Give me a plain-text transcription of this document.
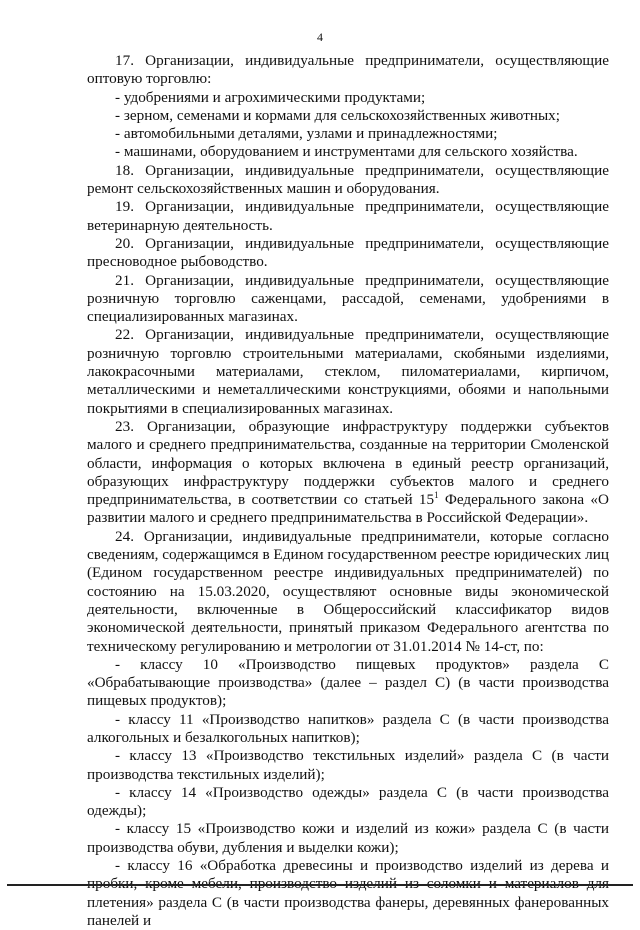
4

17. Организации, индивидуальные предприниматели, осуществляющие оптовую торговлю:

- удобрениями и агрохимическими продуктами;

- зерном, семенами и кормами для сельскохозяйственных животных;

- автомобильными деталями, узлами и принадлежностями;

- машинами, оборудованием и инструментами для сельского хозяйства.

18. Организации, индивидуальные предприниматели, осуществляющие ремонт сельскохозяйственных машин и оборудования.

19. Организации, индивидуальные предприниматели, осуществляющие ветеринарную деятельность.

20. Организации, индивидуальные предприниматели, осуществляющие пресноводное рыбоводство.

21. Организации, индивидуальные предприниматели, осуществляющие розничную торговлю саженцами, рассадой, семенами, удобрениями в специализированных магазинах.

22. Организации, индивидуальные предприниматели, осуществляющие розничную торговлю строительными материалами, скобяными изделиями, лакокрасочными материалами, стеклом, пиломатериалами, кирпичом, металлическими и неметаллическими конструкциями, обоями и напольными покрытиями в специализированных магазинах.

23. Организации, образующие инфраструктуру поддержки субъектов малого и среднего предпринимательства, созданные на территории Смоленской области, информация о которых включена в единый реестр организаций, образующих инфраструктуру поддержки субъектов малого и среднего предпринимательства, в соответствии со статьей $15^1$ Федерального закона «О развитии малого и среднего предпринимательства в Российской Федерации».

24. Организации, индивидуальные предприниматели, которые согласно сведениям, содержащимся в Едином государственном реестре юридических лиц (Едином государственном реестре индивидуальных предпринимателей) по состоянию на 15.03.2020, осуществляют основные виды экономической деятельности, включенные в Общероссийский классификатор видов экономической деятельности, принятый приказом Федерального агентства по техническому регулированию и метрологии от 31.01.2014 № 14-ст, по:

- классу 10 «Производство пищевых продуктов» раздела С «Обрабатывающие производства» (далее – раздел С) (в части производства пищевых продуктов);

- классу 11 «Производство напитков» раздела С (в части производства алкогольных и безалкогольных напитков);

- классу 13 «Производство текстильных изделий» раздела С (в части производства текстильных изделий);

- классу 14 «Производство одежды» раздела С (в части производства одежды);

- классу 15 «Производство кожи и изделий из кожи» раздела С (в части производства обуви, дубления и выделки кожи);

- классу 16 «Обработка древесины и производство изделий из дерева и пробки, кроме мебели, производство изделий из соломки и материалов для плетения» раздела С (в части производства фанеры, деревянных фанерованных панелей и
